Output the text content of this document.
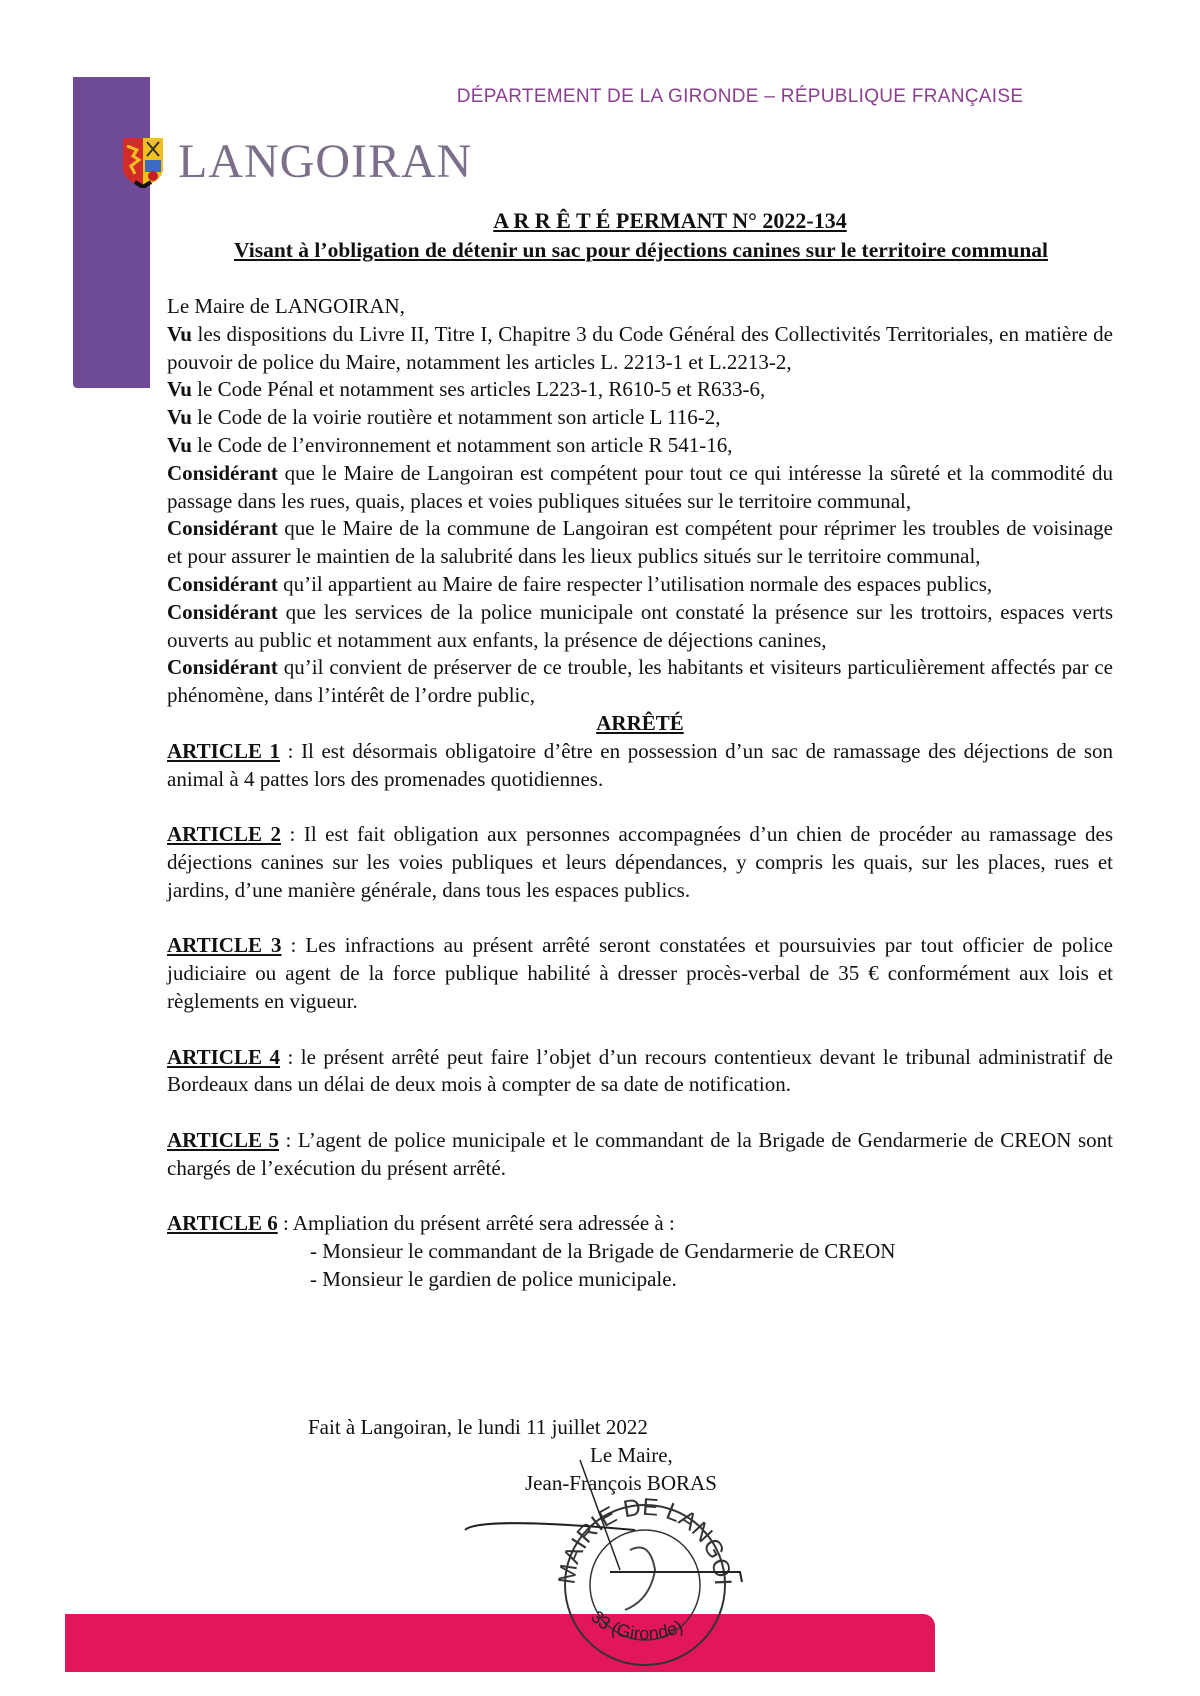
DÉPARTEMENT DE LA GIRONDE – RÉPUBLIQUE FRANÇAISE
LANGOIRAN
A R R Ê T É PERMANT N° 2022-134
Visant à l’obligation de détenir un sac pour déjections canines sur le territoire communal

Le Maire de LANGOIRAN,

Vu les dispositions du Livre II, Titre I, Chapitre 3 du Code Général des Collectivités Territoriales, en matière de pouvoir de police du Maire, notamment les articles L. 2213-1 et L.2213-2,

Vu le Code Pénal et notamment ses articles L223-1, R610-5 et R633-6,

Vu le Code de la voirie routière et notamment son article L 116-2,

Vu le Code de l’environnement et notamment son article R 541-16,

Considérant que le Maire de Langoiran est compétent pour tout ce qui intéresse la sûreté et la commodité du passage dans les rues, quais, places et voies publiques situées sur le territoire communal,

Considérant que le Maire de la commune de Langoiran est compétent pour réprimer les troubles de voisinage et pour assurer le maintien de la salubrité dans les lieux publics situés sur le territoire communal,

Considérant qu’il appartient au Maire de faire respecter l’utilisation normale des espaces publics,

Considérant que les services de la police municipale ont constaté la présence sur les trottoirs, espaces verts ouverts au public et notamment aux enfants, la présence de déjections canines,

Considérant qu’il convient de préserver de ce trouble, les habitants et visiteurs particulièrement affectés par ce phénomène, dans l’intérêt de l’ordre public,

ARRÊTÉ

ARTICLE 1 : Il est désormais obligatoire d’être en possession d’un sac de ramassage des déjections de son animal à 4 pattes lors des promenades quotidiennes.

ARTICLE 2 : Il est fait obligation aux personnes accompagnées d’un chien de procéder au ramassage des déjections canines sur les voies publiques et leurs dépendances, y compris les quais, sur les places, rues et jardins, d’une manière générale, dans tous les espaces publics.

ARTICLE 3 : Les infractions au présent arrêté seront constatées et poursuivies par tout officier de police judiciaire ou agent de la force publique habilité à dresser procès-verbal de 35 € conformément aux lois et règlements en vigueur.

ARTICLE 4 : le présent arrêté peut faire l’objet d’un recours contentieux devant le tribunal administratif de Bordeaux dans un délai de deux mois à compter de sa date de notification.

ARTICLE 5 : L’agent de police municipale et le commandant de la Brigade de Gendarmerie de CREON sont chargés de l’exécution du présent arrêté.

ARTICLE 6 : Ampliation du présent arrêté sera adressée à :

- Monsieur le commandant de la Brigade de Gendarmerie de CREON

- Monsieur le gardien de police municipale.

Fait à Langoiran, le lundi 11 juillet 2022
Le Maire,
Jean-François BORAS
MAIRIE DE LANGOIRAN
33 (Gironde)
